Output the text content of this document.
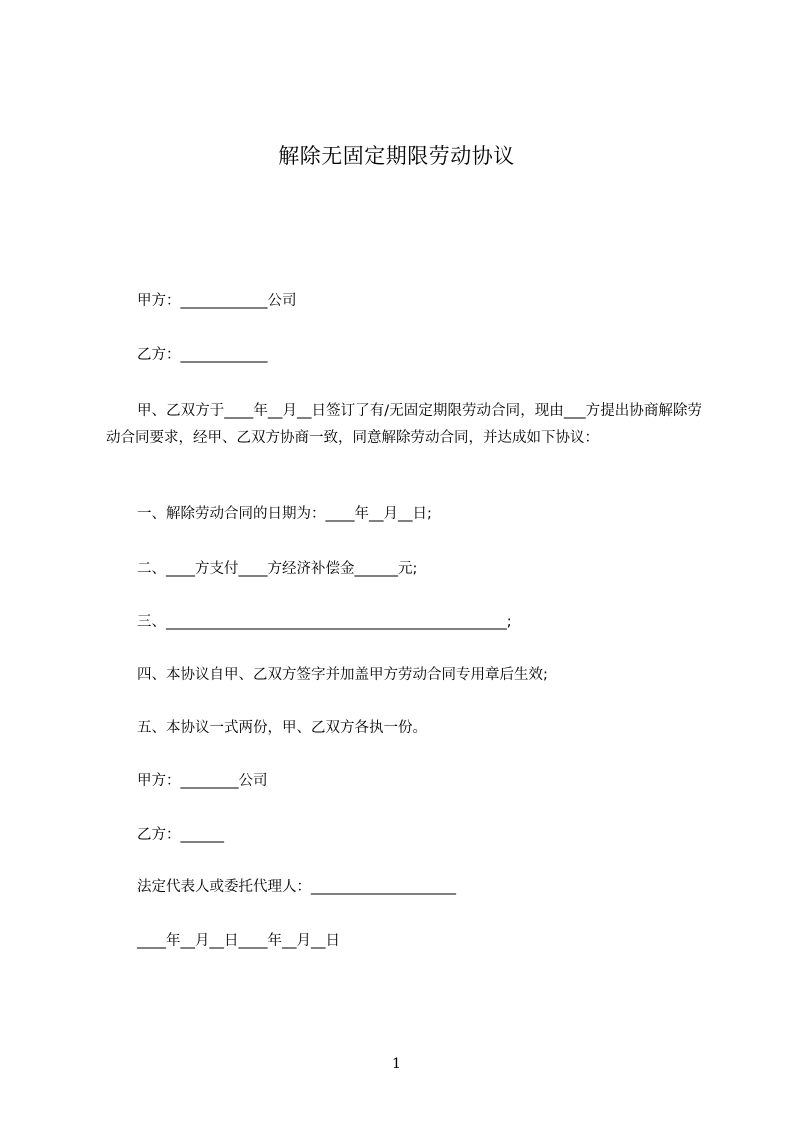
解除无固定期限劳动协议
甲方：____________公司
乙方：____________
甲、乙双方于____年__月__日签订了有/无固定期限劳动合同，现由___方提出协商解除劳动合同要求，经甲、乙双方协商一致，同意解除劳动合同，并达成如下协议：
一、解除劳动合同的日期为：____年__月__日;
二、____方支付____方经济补偿金______元;
三、_______________________________________________;
四、本协议自甲、乙双方签字并加盖甲方劳动合同专用章后生效;
五、本协议一式两份，甲、乙双方各执一份。
甲方：________公司
乙方：______
法定代表人或委托代理人：____________________
____年__月__日____年__月__日
1
